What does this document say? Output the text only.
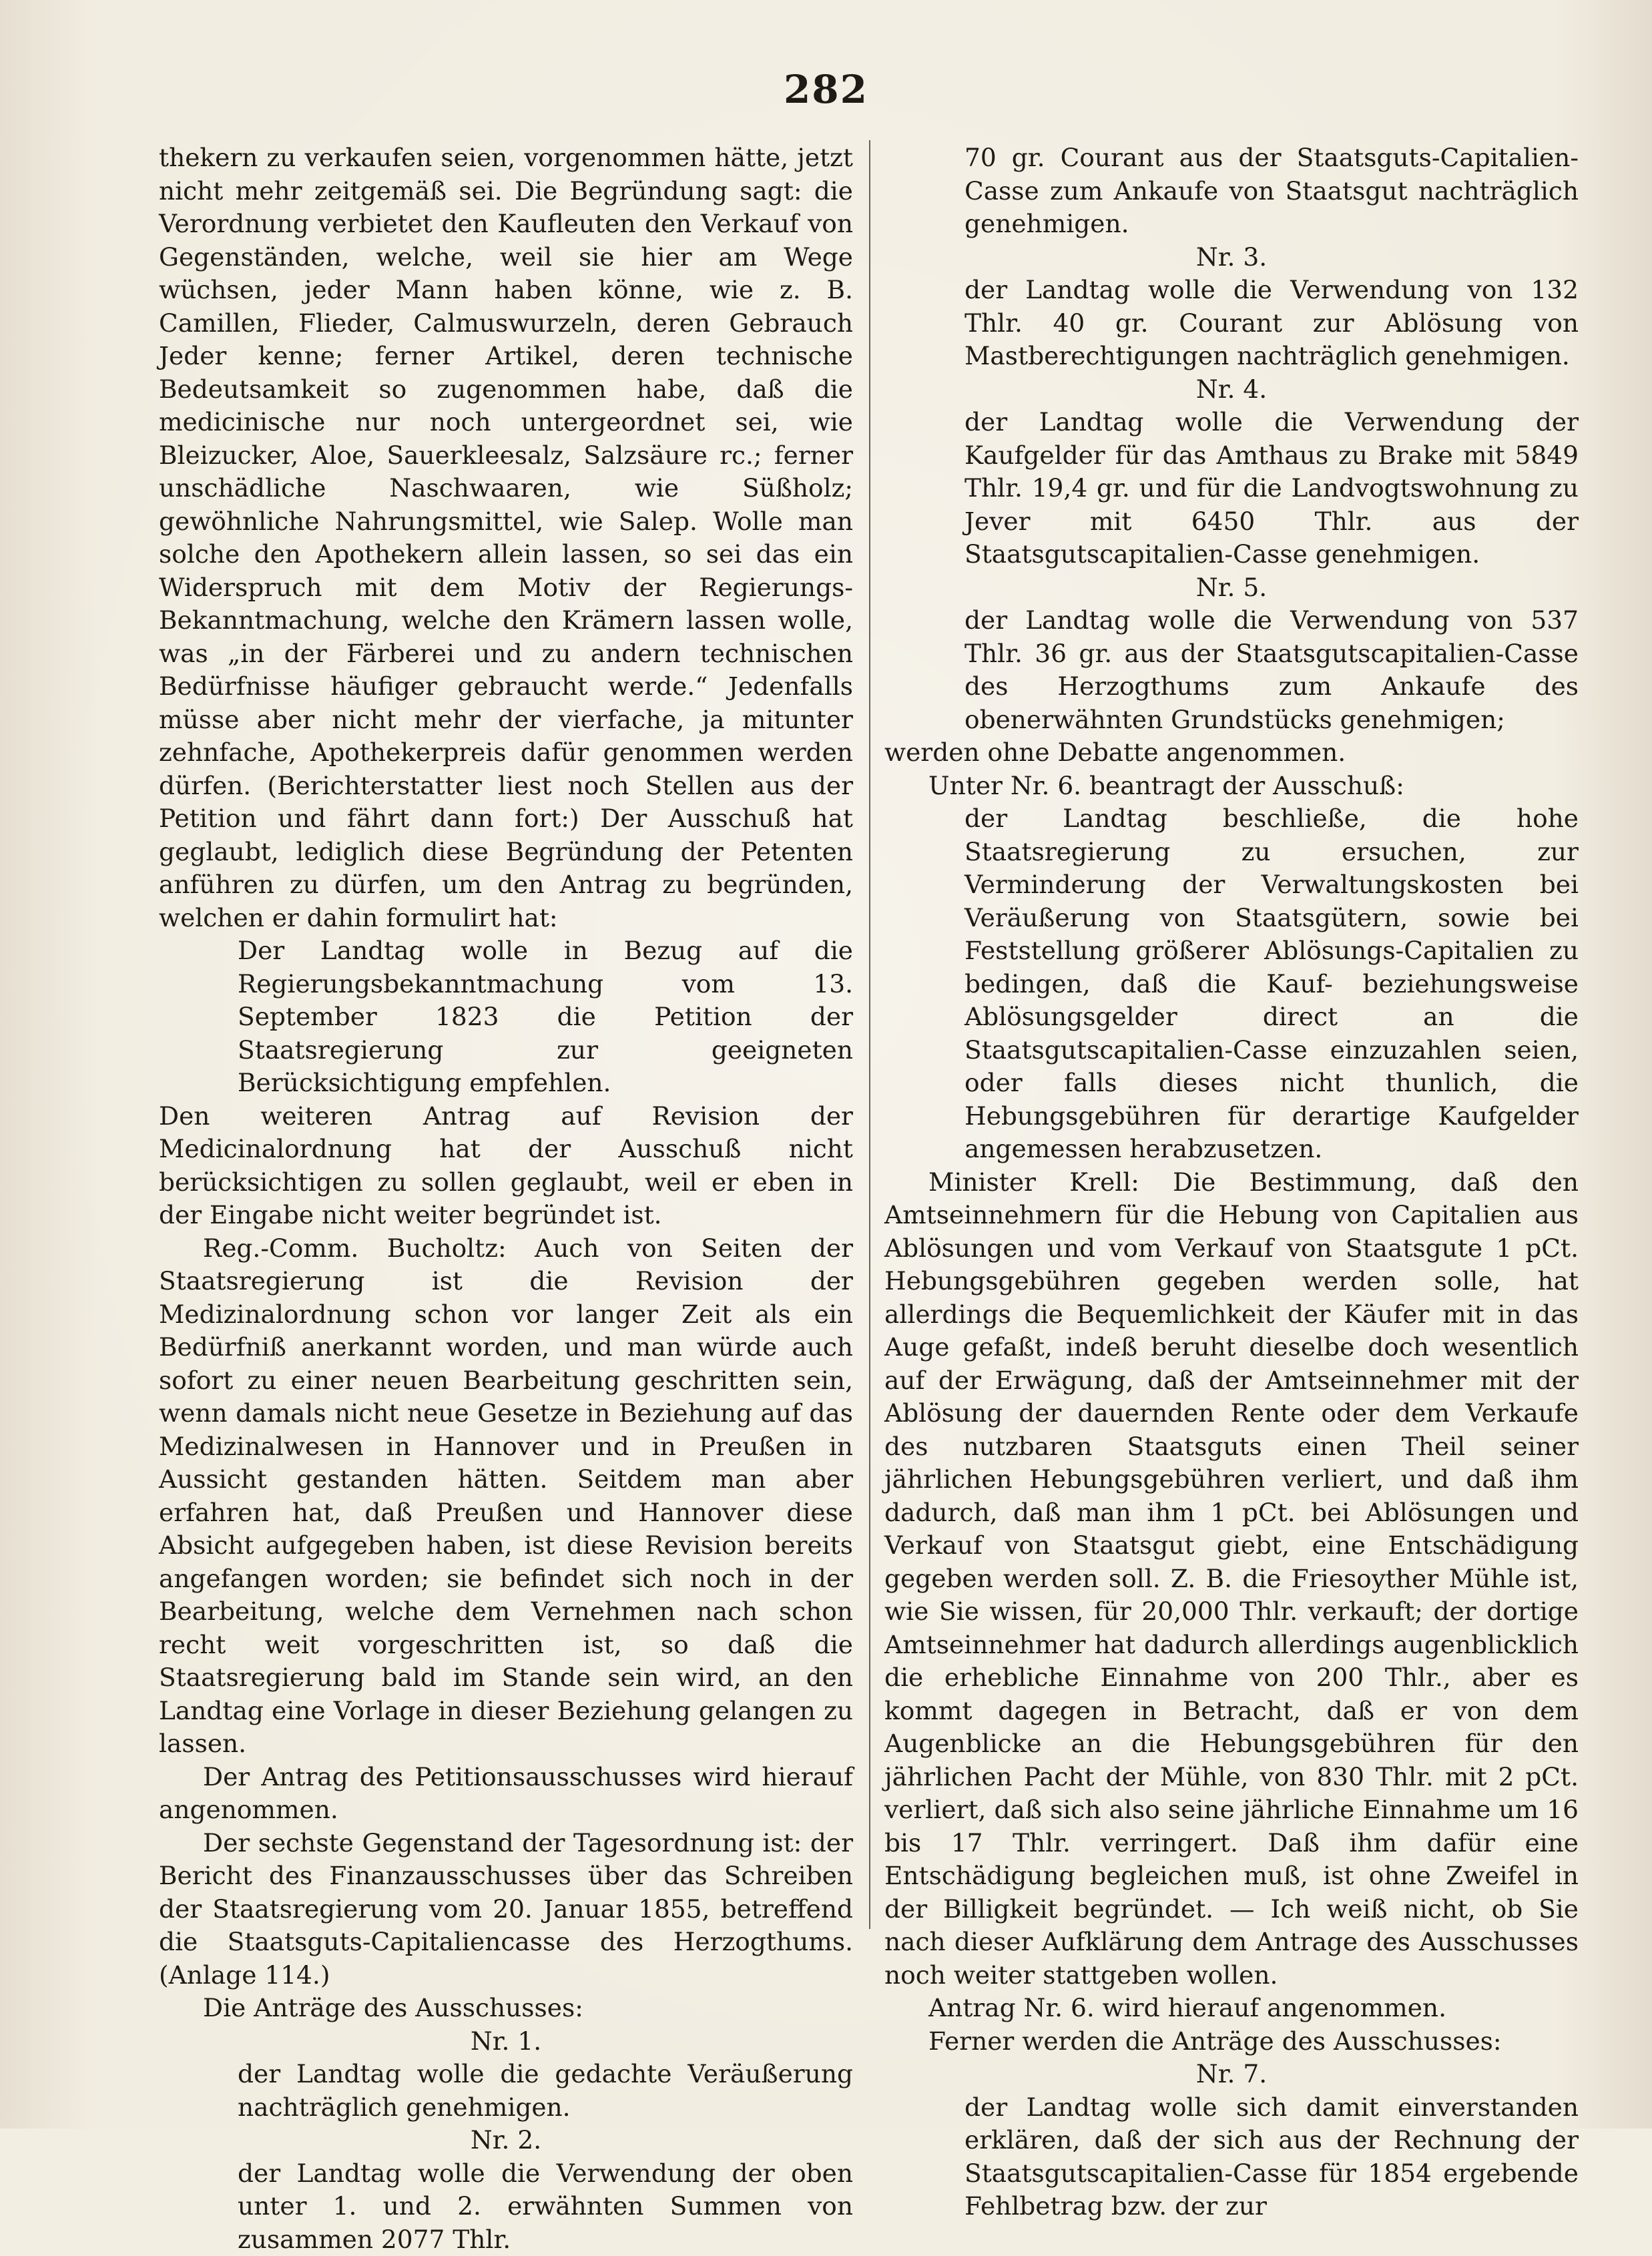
282

thekern zu verkaufen seien, vorgenommen hätte, jetzt nicht mehr zeitgemäß sei. Die Begründung sagt: die Verordnung verbietet den Kaufleuten den Verkauf von Gegenständen, welche, weil sie hier am Wege wüchsen, jeder Mann haben könne, wie z. B. Camillen, Flieder, Calmuswurzeln, deren Gebrauch Jeder kenne; ferner Artikel, deren technische Bedeutsamkeit so zugenommen habe, daß die medicinische nur noch untergeordnet sei, wie Bleizucker, Aloe, Sauerkleesalz, Salzsäure rc.; ferner unschädliche Naschwaaren, wie Süßholz; gewöhnliche Nahrungsmittel, wie Salep. Wolle man solche den Apothekern allein lassen, so sei das ein Widerspruch mit dem Motiv der Regierungs-Bekanntmachung, welche den Krämern lassen wolle, was „in der Färberei und zu andern technischen Bedürfnisse häufiger gebraucht werde.“ Jedenfalls müsse aber nicht mehr der vierfache, ja mitunter zehnfache, Apothekerpreis dafür genommen werden dürfen. (Berichterstatter liest noch Stellen aus der Petition und fährt dann fort:) Der Ausschuß hat geglaubt, lediglich diese Begründung der Petenten anführen zu dürfen, um den Antrag zu begründen, welchen er dahin formulirt hat:

Der Landtag wolle in Bezug auf die Regierungsbekanntmachung vom 13. September 1823 die Petition der Staatsregierung zur geeigneten Berücksichtigung empfehlen.

Den weiteren Antrag auf Revision der Medicinalordnung hat der Ausschuß nicht berücksichtigen zu sollen geglaubt, weil er eben in der Eingabe nicht weiter begründet ist.

Reg.-Comm. Bucholtz: Auch von Seiten der Staatsregierung ist die Revision der Medizinalordnung schon vor langer Zeit als ein Bedürfniß anerkannt worden, und man würde auch sofort zu einer neuen Bearbeitung geschritten sein, wenn damals nicht neue Gesetze in Beziehung auf das Medizinalwesen in Hannover und in Preußen in Aussicht gestanden hätten. Seitdem man aber erfahren hat, daß Preußen und Hannover diese Absicht aufgegeben haben, ist diese Revision bereits angefangen worden; sie befindet sich noch in der Bearbeitung, welche dem Vernehmen nach schon recht weit vorgeschritten ist, so daß die Staatsregierung bald im Stande sein wird, an den Landtag eine Vorlage in dieser Beziehung gelangen zu lassen.

Der Antrag des Petitionsausschusses wird hierauf angenommen.

Der sechste Gegenstand der Tagesordnung ist: der Bericht des Finanzausschusses über das Schreiben der Staatsregierung vom 20. Januar 1855, betreffend die Staatsguts-Capitaliencasse des Herzogthums. (Anlage 114.)

Die Anträge des Ausschusses:

Nr. 1.

der Landtag wolle die gedachte Veräußerung nachträglich genehmigen.

Nr. 2.

der Landtag wolle die Verwendung der oben unter 1. und 2. erwähnten Summen von zusammen 2077 Thlr.

70 gr. Courant aus der Staatsguts-Capitalien-Casse zum Ankaufe von Staatsgut nachträglich genehmigen.

Nr. 3.

der Landtag wolle die Verwendung von 132 Thlr. 40 gr. Courant zur Ablösung von Mastberechtigungen nachträglich genehmigen.

Nr. 4.

der Landtag wolle die Verwendung der Kaufgelder für das Amthaus zu Brake mit 5849 Thlr. 19,4 gr. und für die Landvogtswohnung zu Jever mit 6450 Thlr. aus der Staatsgutscapitalien-Casse genehmigen.

Nr. 5.

der Landtag wolle die Verwendung von 537 Thlr. 36 gr. aus der Staatsgutscapitalien-Casse des Herzogthums zum Ankaufe des obenerwähnten Grundstücks genehmigen;

werden ohne Debatte angenommen.

Unter Nr. 6. beantragt der Ausschuß:

der Landtag beschließe, die hohe Staatsregierung zu ersuchen, zur Verminderung der Verwaltungskosten bei Veräußerung von Staatsgütern, sowie bei Feststellung größerer Ablösungs-Capitalien zu bedingen, daß die Kauf- beziehungsweise Ablösungsgelder direct an die Staatsgutscapitalien-Casse einzuzahlen seien, oder falls dieses nicht thunlich, die Hebungsgebühren für derartige Kaufgelder angemessen herabzusetzen.

Minister Krell: Die Bestimmung, daß den Amtseinnehmern für die Hebung von Capitalien aus Ablösungen und vom Verkauf von Staatsgute 1 pCt. Hebungsgebühren gegeben werden solle, hat allerdings die Bequemlichkeit der Käufer mit in das Auge gefaßt, indeß beruht dieselbe doch wesentlich auf der Erwägung, daß der Amtseinnehmer mit der Ablösung der dauernden Rente oder dem Verkaufe des nutzbaren Staatsguts einen Theil seiner jährlichen Hebungsgebühren verliert, und daß ihm dadurch, daß man ihm 1 pCt. bei Ablösungen und Verkauf von Staatsgut giebt, eine Entschädigung gegeben werden soll. Z. B. die Friesoyther Mühle ist, wie Sie wissen, für 20,000 Thlr. verkauft; der dortige Amtseinnehmer hat dadurch allerdings augenblicklich die erhebliche Einnahme von 200 Thlr., aber es kommt dagegen in Betracht, daß er von dem Augenblicke an die Hebungsgebühren für den jährlichen Pacht der Mühle, von 830 Thlr. mit 2 pCt. verliert, daß sich also seine jährliche Einnahme um 16 bis 17 Thlr. verringert. Daß ihm dafür eine Entschädigung begleichen muß, ist ohne Zweifel in der Billigkeit begründet. — Ich weiß nicht, ob Sie nach dieser Aufklärung dem Antrage des Ausschusses noch weiter stattgeben wollen.

Antrag Nr. 6. wird hierauf angenommen.

Ferner werden die Anträge des Ausschusses:

Nr. 7.

der Landtag wolle sich damit einverstanden erklären, daß der sich aus der Rechnung der Staatsgutscapitalien-Casse für 1854 ergebende Fehlbetrag bzw. der zur
